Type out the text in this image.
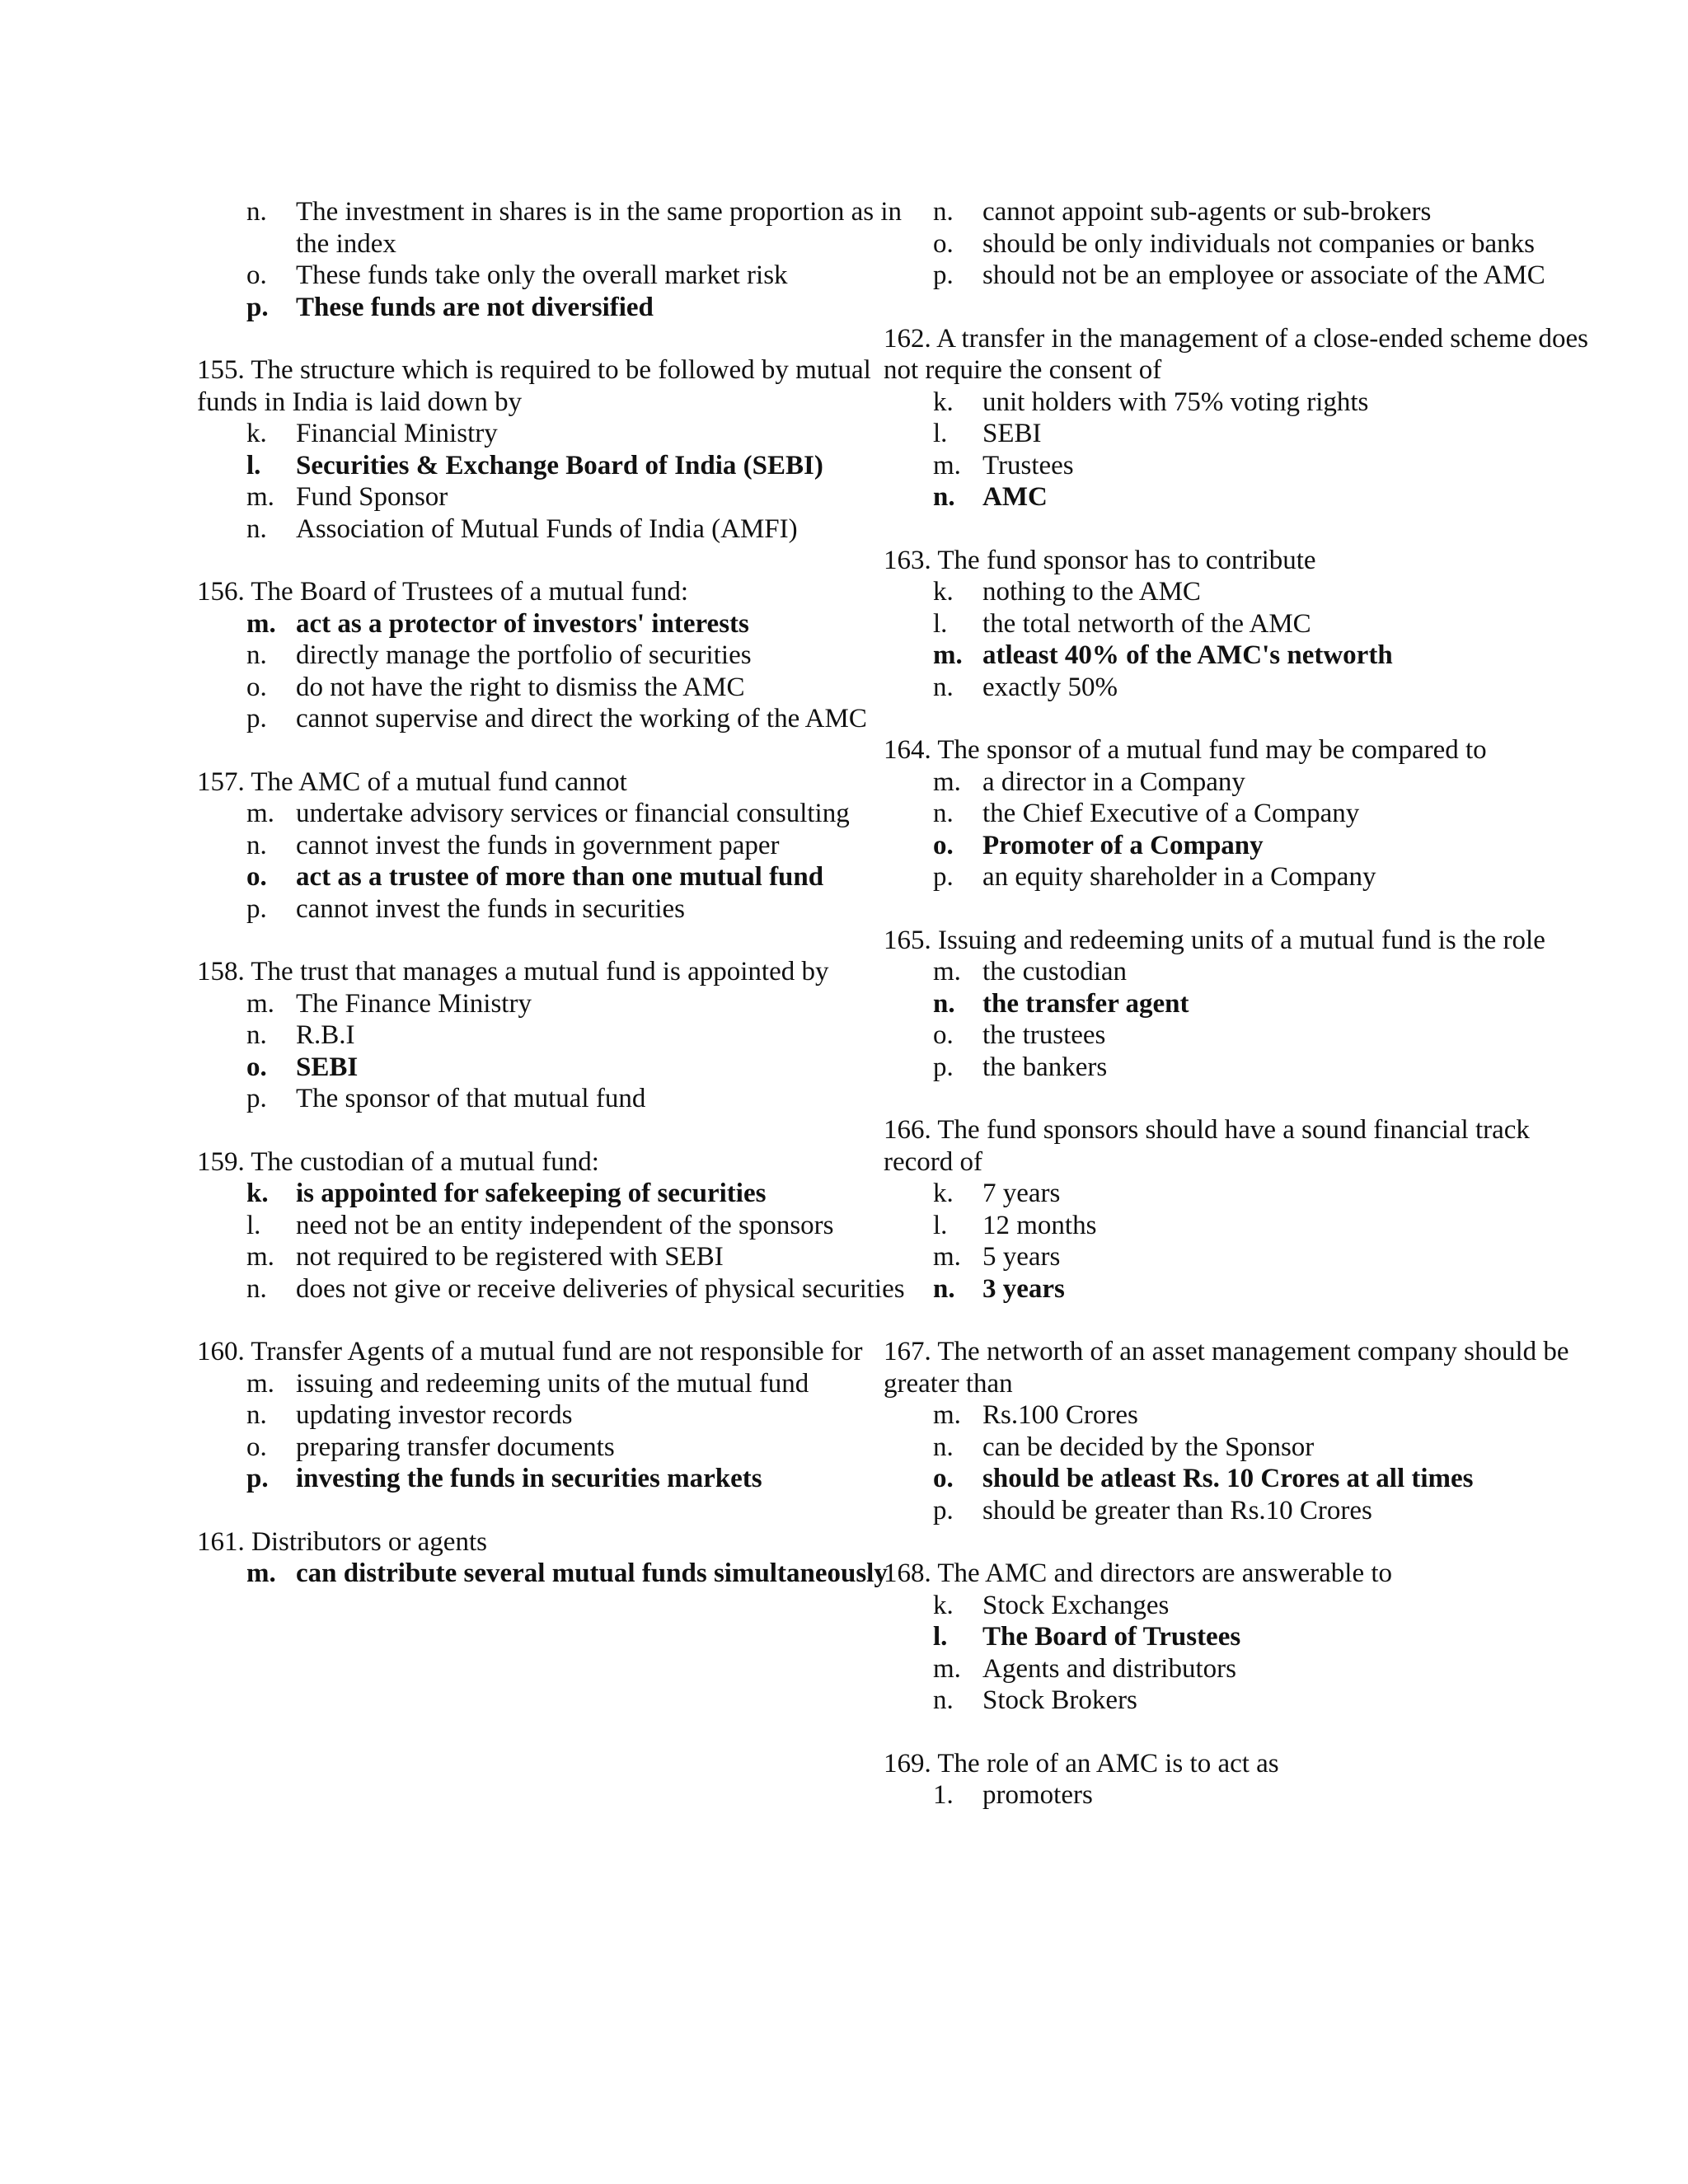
n.	The investment in shares is in the same proportion as in the index
o.	These funds take only the overall market risk
p.	These funds are not diversified
155. The structure which is required to be followed by mutual funds in India is laid down by
k.	Financial Ministry
l.	Securities & Exchange Board of India (SEBI)
m. Fund Sponsor
n.	Association of Mutual Funds of India (AMFI)
156. The Board of Trustees of a mutual fund:
m. act as a protector of investors' interests
n.	directly manage the portfolio of securities
o.	do not have the right to dismiss the AMC
p.	cannot supervise and direct the working of the AMC
157. The AMC of a mutual fund cannot
m. undertake advisory services or financial consulting
n.	cannot invest the funds in government paper
o.	act as a trustee of more than one mutual fund
p.	cannot invest the funds in securities
158. The trust that manages a mutual fund is appointed by
m. The Finance Ministry
n.	R.B.I
o.	SEBI
p.	The sponsor of that mutual fund
159. The custodian of a mutual fund:
k.	is appointed for safekeeping of securities
l.	need not be an entity independent of the sponsors
m. not required to be registered with SEBI
n.	does not give or receive deliveries of physical securities
160. Transfer Agents of a mutual fund are not responsible for
m. issuing and redeeming units of the mutual fund
n.	updating investor records
o.	preparing transfer documents
p.	investing the funds in securities markets
161. Distributors or agents
m. can distribute several mutual funds simultaneously
n.	cannot appoint sub-agents or sub-brokers
o.	should be only individuals not companies or banks
p.	should not be an employee or associate of the AMC
162. A transfer in the management of a close-ended scheme does not require the consent of
k.	unit holders with 75% voting rights
l.	SEBI
m. Trustees
n.	AMC
163. The fund sponsor has to contribute
k.	nothing to the AMC
l.	the total networth of the AMC
m. atleast 40% of the AMC's networth
n.	exactly 50%
164. The sponsor of a mutual fund may be compared to
m. a director in a Company
n.	the Chief Executive of a Company
o.	Promoter of a Company
p.	an equity shareholder in a Company
165. Issuing and redeeming units of a mutual fund is the role
m. the custodian
n.	the transfer agent
o.	the trustees
p.	the bankers
166. The fund sponsors should have a sound financial track record of
k.	7 years
l.	12 months
m. 5 years
n.	3 years
167. The networth of an asset management company should be greater than
m. Rs.100 Crores
n.	can be decided by the Sponsor
o.	should be atleast Rs. 10 Crores at all times
p.	should be greater than Rs.10 Crores
168. The AMC and directors are answerable to
k.	Stock Exchanges
l.	The Board of Trustees
m. Agents and distributors
n.	Stock Brokers
169. The role of an AMC is to act as
1.	promoters
